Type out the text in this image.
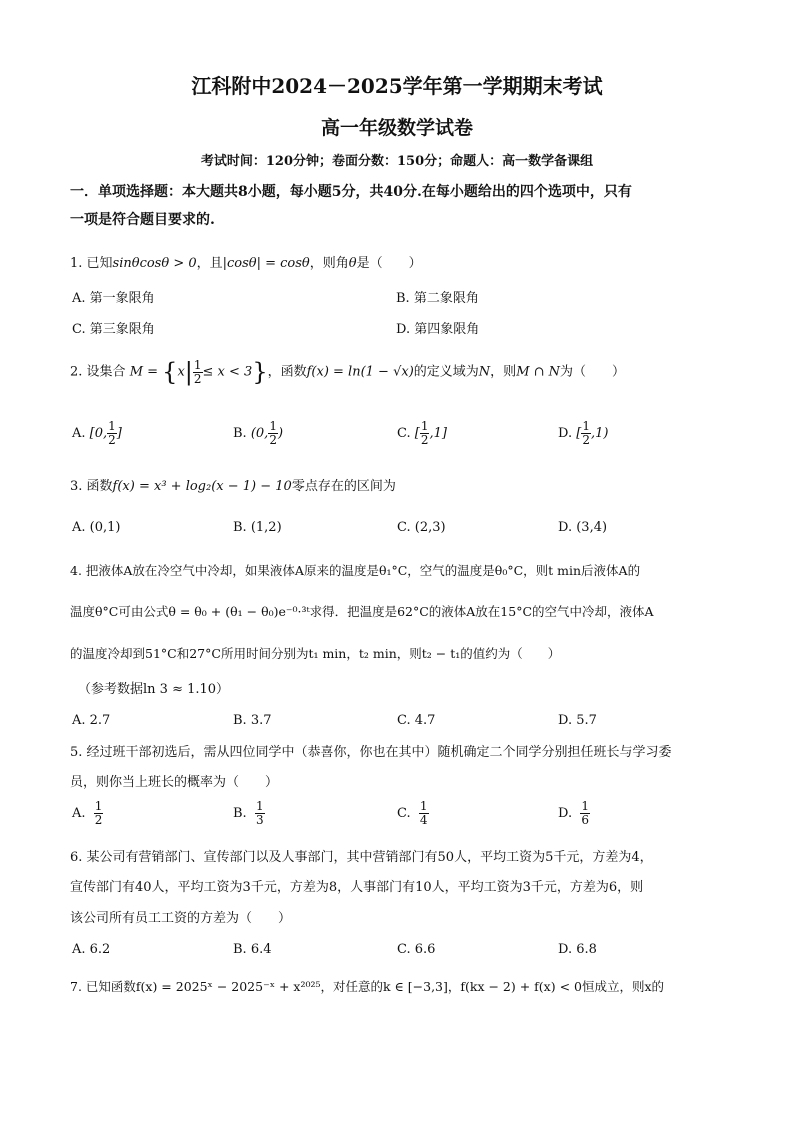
江科附中2024－2025学年第一学期期末考试
高一年级数学试卷
考试时间：120分钟；卷面分数：150分；命题人：高一数学备课组
一．单项选择题：本大题共8小题，每小题5分，共40分.在每小题给出的四个选项中，只有
一项是符合题目要求的.
1. 已知sinθcosθ > 0，且|cosθ| = cosθ，则角θ是（　　）
A. 第一象限角	B. 第二象限角
C. 第三象限角	D. 第四象限角
2. 设集合 $M = \{x| \frac{1}{2} \le x < 3\}$，函数f(x) = ln(1 − √x)的定义域为N，则M ∩ N为（　　）
A. [0, $\frac{1}{2}$ ]	B. (0, $\frac{1}{2}$ )	C. [ $\frac{1}{2} ,1$]	D. [ $\frac{1}{2} ,1$)
3. 函数f(x) = x³ + log₂(x − 1) − 10零点存在的区间为
A. (0,1)	B. (1,2)	C. (2,3)	D. (3,4)
4. 把液体A放在冷空气中冷却，如果液体A原来的温度是θ₁°C，空气的温度是θ₀°C，则t min后液体A的
温度θ°C可由公式θ = θ₀ + (θ₁ − θ₀)e⁻⁰·³ᵗ求得．把温度是62°C的液体A放在15°C的空气中冷却，液体A
的温度冷却到51°C和27°C所用时间分别为t₁ min，t₂ min，则t₂ − t₁的值约为（　　）
（参考数据ln 3 ≈ 1.10）
A. 2.7	B. 3.7	C. 4.7	D. 5.7
5. 经过班干部初选后，需从四位同学中（恭喜你，你也在其中）随机确定二个同学分别担任班长与学习委
员，则你当上班长的概率为（　　）
A. $\frac{1}{2}$	B. $\frac{1}{3}$	C. $\frac{1}{4}$	D. $\frac{1}{6}$
6. 某公司有营销部门、宣传部门以及人事部门，其中营销部门有50人，平均工资为5千元，方差为4，
宣传部门有40人，平均工资为3千元，方差为8，人事部门有10人，平均工资为3千元，方差为6，则
该公司所有员工工资的方差为（　　）
A. 6.2	B. 6.4	C. 6.6	D. 6.8
7. 已知函数f(x) = 2025ˣ − 2025⁻ˣ + x²⁰²⁵，对任意的k ∈ [−3,3]，f(kx − 2) + f(x) < 0恒成立，则x的
